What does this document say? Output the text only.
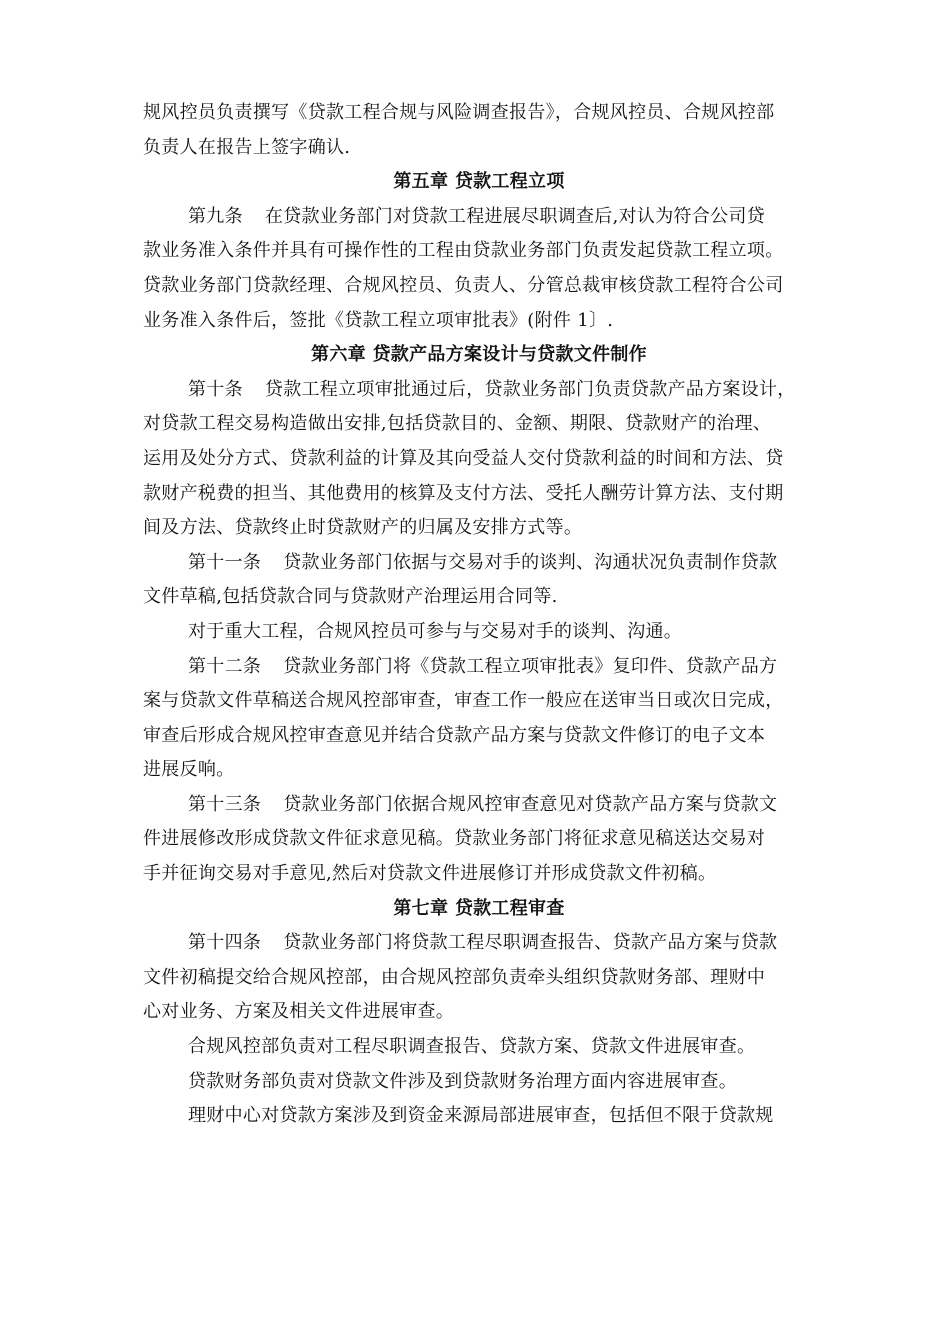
规风控员负责撰写《贷款工程合规与风险调查报告》，合规风控员、合规风控部
负责人在报告上签字确认.
第五章 贷款工程立项
第九条 在贷款业务部门对贷款工程进展尽职调查后,对认为符合公司贷
款业务准入条件并具有可操作性的工程由贷款业务部门负责发起贷款工程立项。
贷款业务部门贷款经理、合规风控员、负责人、分管总裁审核贷款工程符合公司
业务准入条件后，签批《贷款工程立项审批表》(附件 1〕.
第六章 贷款产品方案设计与贷款文件制作
第十条 贷款工程立项审批通过后，贷款业务部门负责贷款产品方案设计，
对贷款工程交易构造做出安排,包括贷款目的、金额、期限、贷款财产的治理、
运用及处分方式、贷款利益的计算及其向受益人交付贷款利益的时间和方法、贷
款财产税费的担当、其他费用的核算及支付方法、受托人酬劳计算方法、支付期
间及方法、贷款终止时贷款财产的归属及安排方式等。
第十一条 贷款业务部门依据与交易对手的谈判、沟通状况负责制作贷款
文件草稿,包括贷款合同与贷款财产治理运用合同等.
对于重大工程，合规风控员可参与与交易对手的谈判、沟通。
第十二条 贷款业务部门将《贷款工程立项审批表》复印件、贷款产品方
案与贷款文件草稿送合规风控部审查，审查工作一般应在送审当日或次日完成，
审查后形成合规风控审查意见并结合贷款产品方案与贷款文件修订的电子文本
进展反响。
第十三条 贷款业务部门依据合规风控审查意见对贷款产品方案与贷款文
件进展修改形成贷款文件征求意见稿。贷款业务部门将征求意见稿送达交易对
手并征询交易对手意见,然后对贷款文件进展修订并形成贷款文件初稿。
第七章 贷款工程审查
第十四条 贷款业务部门将贷款工程尽职调查报告、贷款产品方案与贷款
文件初稿提交给合规风控部，由合规风控部负责牵头组织贷款财务部、理财中
心对业务、方案及相关文件进展审查。
合规风控部负责对工程尽职调查报告、贷款方案、贷款文件进展审查。
贷款财务部负责对贷款文件涉及到贷款财务治理方面内容进展审查。
理财中心对贷款方案涉及到资金来源局部进展审查，包括但不限于贷款规
